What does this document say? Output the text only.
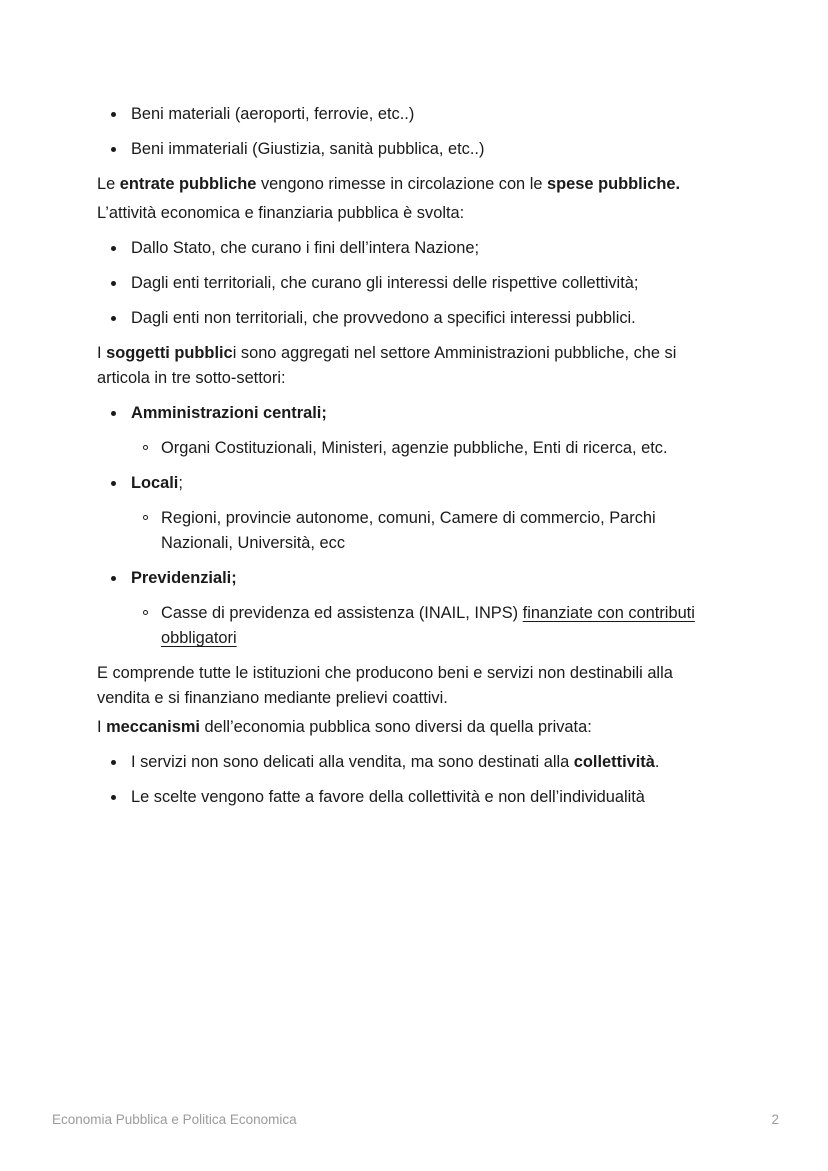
Beni materiali (aeroporti, ferrovie, etc..)
Beni immateriali (Giustizia, sanità pubblica, etc..)

Le entrate pubbliche vengono rimesse in circolazione con le spese pubbliche.

L’attività economica e finanziaria pubblica è svolta:

Dallo Stato, che curano i fini dell’intera Nazione;
Dagli enti territoriali, che curano gli interessi delle rispettive collettività;
Dagli enti non territoriali, che provvedono a specifici interessi pubblici.

I soggetti pubblici sono aggregati nel settore Amministrazioni pubbliche, che si articola in tre sotto-settori:

Amministrazioni centrali;
Organi Costituzionali, Ministeri, agenzie pubbliche, Enti di ricerca, etc.
Locali;
Regioni, provincie autonome, comuni, Camere di commercio, Parchi Nazionali, Università, ecc
Previdenziali;
Casse di previdenza ed assistenza (INAIL, INPS) finanziate con contributi obbligatori

E comprende tutte le istituzioni che producono beni e servizi non destinabili alla vendita e si finanziano mediante prelievi coattivi.

I meccanismi dell’economia pubblica sono diversi da quella privata:

I servizi non sono delicati alla vendita, ma sono destinati alla collettività.
Le scelte vengono fatte a favore della collettività e non dell’individualità
Economia Pubblica e Politica Economica	2
